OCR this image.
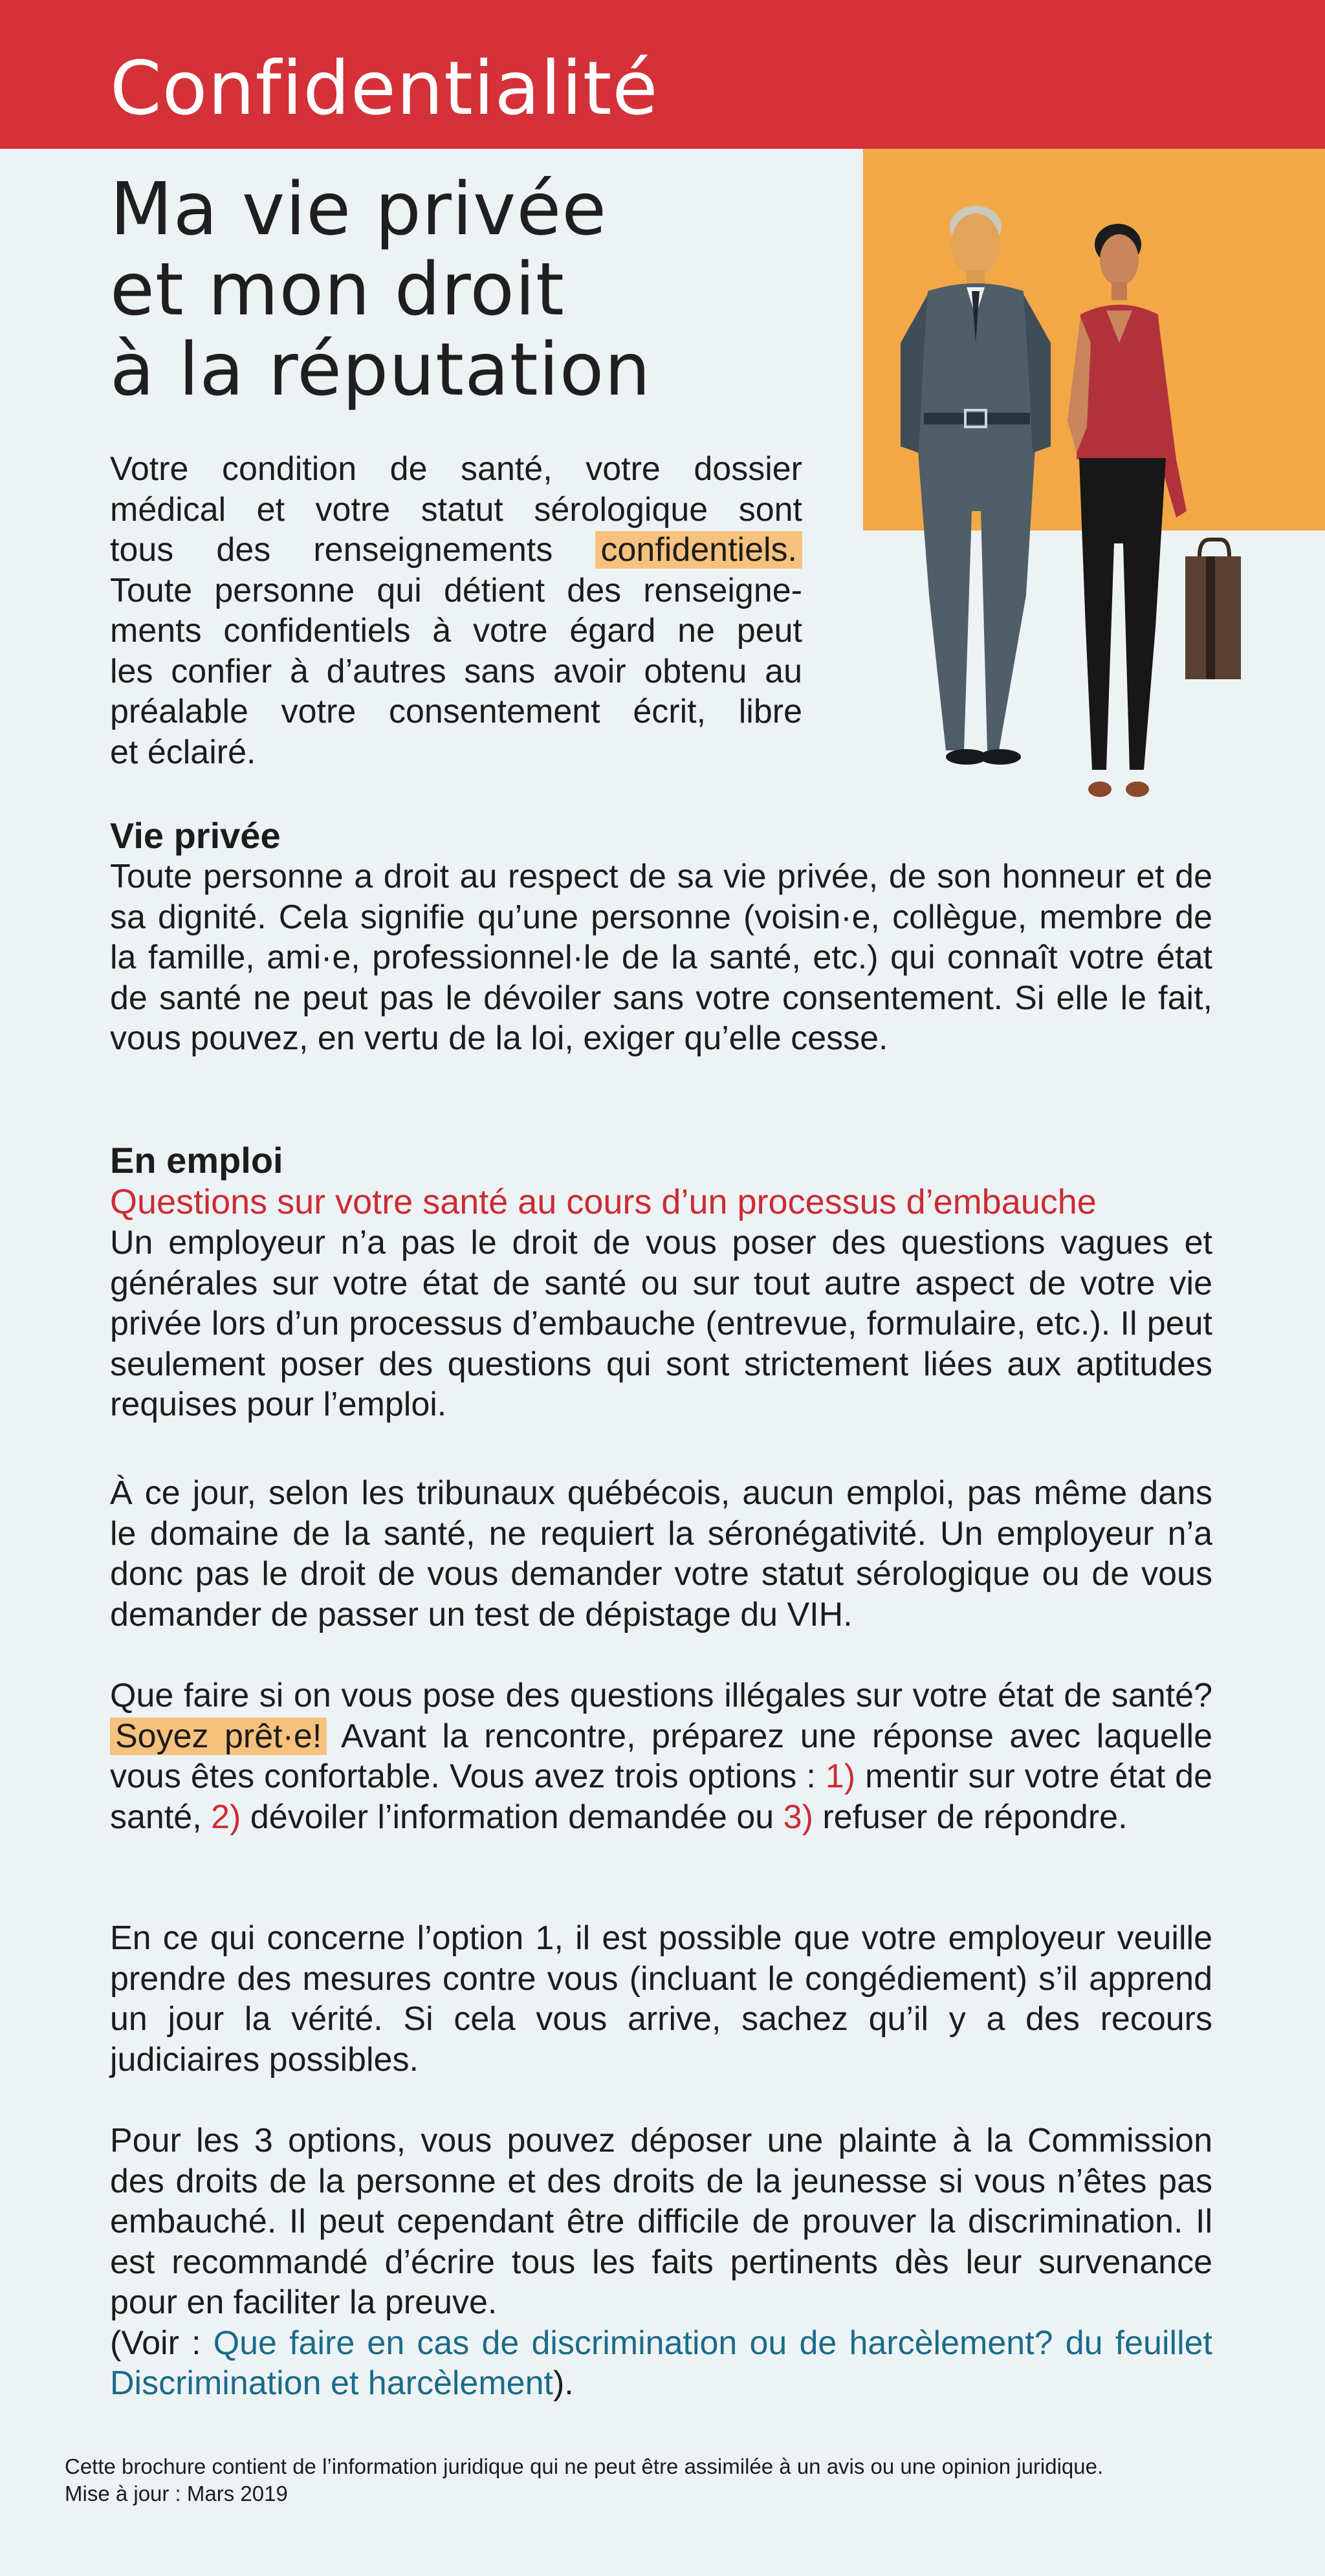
Confidentialité
Ma vie privée
et mon droit
à la réputation
Votre condition de santé, votre dossier
médical et votre statut sérologique sont
tous des renseignements confidentiels.
Toute personne qui détient des renseigne-
ments confidentiels à votre égard ne peut
les confier à d’autres sans avoir obtenu au
préalable votre consentement écrit, libre
et éclairé.
Vie privée
Toute personne a droit au respect de sa vie privée, de son honneur et de sa dignité. Cela signifie qu’une personne (voisin·e, collègue, membre de la famille, ami·e, professionnel·le de la santé, etc.) qui connaît votre état de santé ne peut pas le dévoiler sans votre consentement. Si elle le fait, vous pouvez, en vertu de la loi, exiger qu’elle cesse.
En emploi
Questions sur votre santé au cours d’un processus d’embauche
Un employeur n’a pas le droit de vous poser des questions vagues et générales sur votre état de santé ou sur tout autre aspect de votre vie privée lors d’un processus d’embauche (entrevue, formulaire, etc.). Il peut seulement poser des questions qui sont strictement liées aux aptitudes requises pour l’emploi.
À ce jour, selon les tribunaux québécois, aucun emploi, pas même dans le domaine de la santé, ne requiert la séronégativité. Un employeur n’a donc pas le droit de vous demander votre statut sérologique ou de vous demander de passer un test de dépistage du VIH.
Que faire si on vous pose des questions illégales sur votre état de santé? Soyez prêt·e! Avant la rencontre, préparez une réponse avec laquelle vous êtes confortable. Vous avez trois options : 1) mentir sur votre état de santé, 2) dévoiler l’information demandée ou 3) refuser de répondre.
En ce qui concerne l’option 1, il est possible que votre employeur veuille prendre des mesures contre vous (incluant le congédiement) s’il apprend un jour la vérité. Si cela vous arrive, sachez qu’il y a des recours judiciaires possibles.
Pour les 3 options, vous pouvez déposer une plainte à la Commission des droits de la personne et des droits de la jeunesse si vous n’êtes pas embauché. Il peut cependant être difficile de prouver la discrimination. Il est recommandé d’écrire tous les faits pertinents dès leur survenance pour en faciliter la preuve.
(Voir : Que faire en cas de discrimination ou de harcèlement? du feuillet Discrimination et harcèlement).
Cette brochure contient de l’information juridique qui ne peut être assimilée à un avis ou une opinion juridique.
Mise à jour : Mars 2019
